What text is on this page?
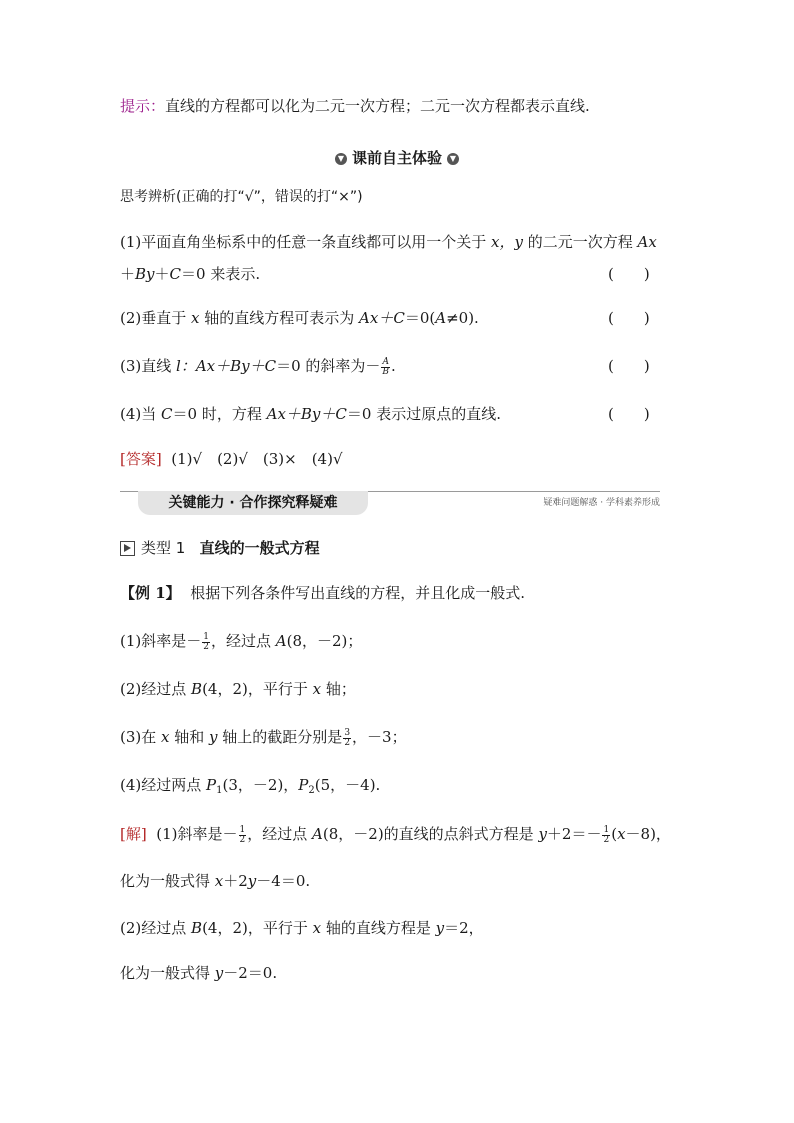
提示：直线的方程都可以化为二元一次方程；二元一次方程都表示直线.
▼ 课前自主体验 ▼
思考辨析(正确的打“√”，错误的打“×”)
(1)平面直角坐标系中的任意一条直线都可以用一个关于 x，y 的二元一次方程 Ax
＋By＋C＝0 来表示.	(　　)
(2)垂直于 x 轴的直线方程可表示为 Ax＋C＝0(A≠0).	(　　)
(3)直线 l：Ax＋By＋C＝0 的斜率为－ $\frac{A}{B}$ .	(　　)
(4)当 C＝0 时，方程 Ax＋By＋C＝0 表示过原点的直线.	(　　)
[答案] (1)√　(2)√　(3)×　(4)√
关键能力 · 合作探究释疑难	疑难问题解惑 · 学科素养形成
类型 1 直线的一般式方程
【例 1】 根据下列各条件写出直线的方程，并且化成一般式.
(1)斜率是－ $\frac{1}{2}$ ，经过点 A(8，－2)；
(2)经过点 B(4，2)，平行于 x 轴；
(3)在 x 轴和 y 轴上的截距分别是 $\frac{3}{2}$ ，－3；
(4)经过两点 $P_1(3$，－2)，$P_2(5$，－4).
[解] (1)斜率是－ $\frac{1}{2}$ ，经过点 A(8，－2)的直线的点斜式方程是 $y+2=- \frac{1}{2} (x-8)$，
化为一般式得 x＋2y－4＝0.
(2)经过点 B(4，2)，平行于 x 轴的直线方程是 y＝2，
化为一般式得 y－2＝0.
